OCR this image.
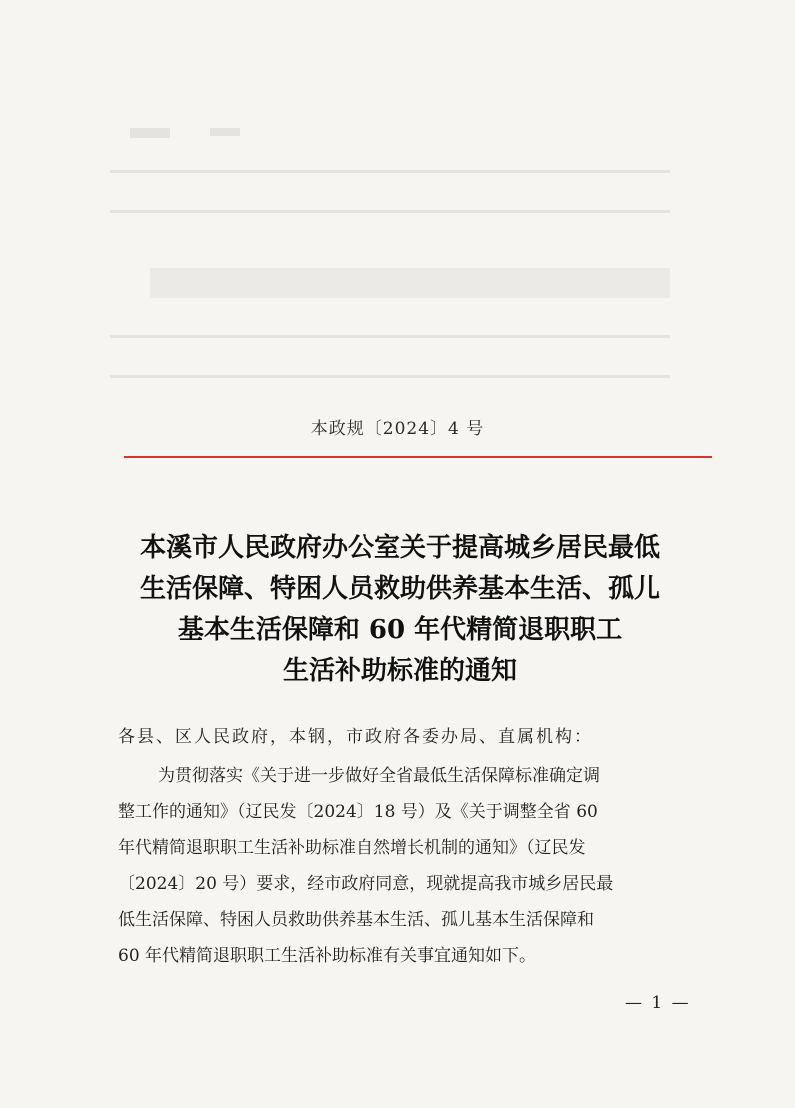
本政规〔2024〕4 号
本溪市人民政府办公室关于提高城乡居民最低
生活保障、特困人员救助供养基本生活、孤儿
基本生活保障和 60 年代精简退职职工
生活补助标准的通知
各县、区人民政府，本钢，市政府各委办局、直属机构：
为贯彻落实《关于进一步做好全省最低生活保障标准确定调
整工作的通知》（辽民发〔2024〕18 号）及《关于调整全省 60
年代精简退职职工生活补助标准自然增长机制的通知》（辽民发
〔2024〕20 号）要求，经市政府同意，现就提高我市城乡居民最
低生活保障、特困人员救助供养基本生活、孤儿基本生活保障和
60 年代精简退职职工生活补助标准有关事宜通知如下。
— 1 —
